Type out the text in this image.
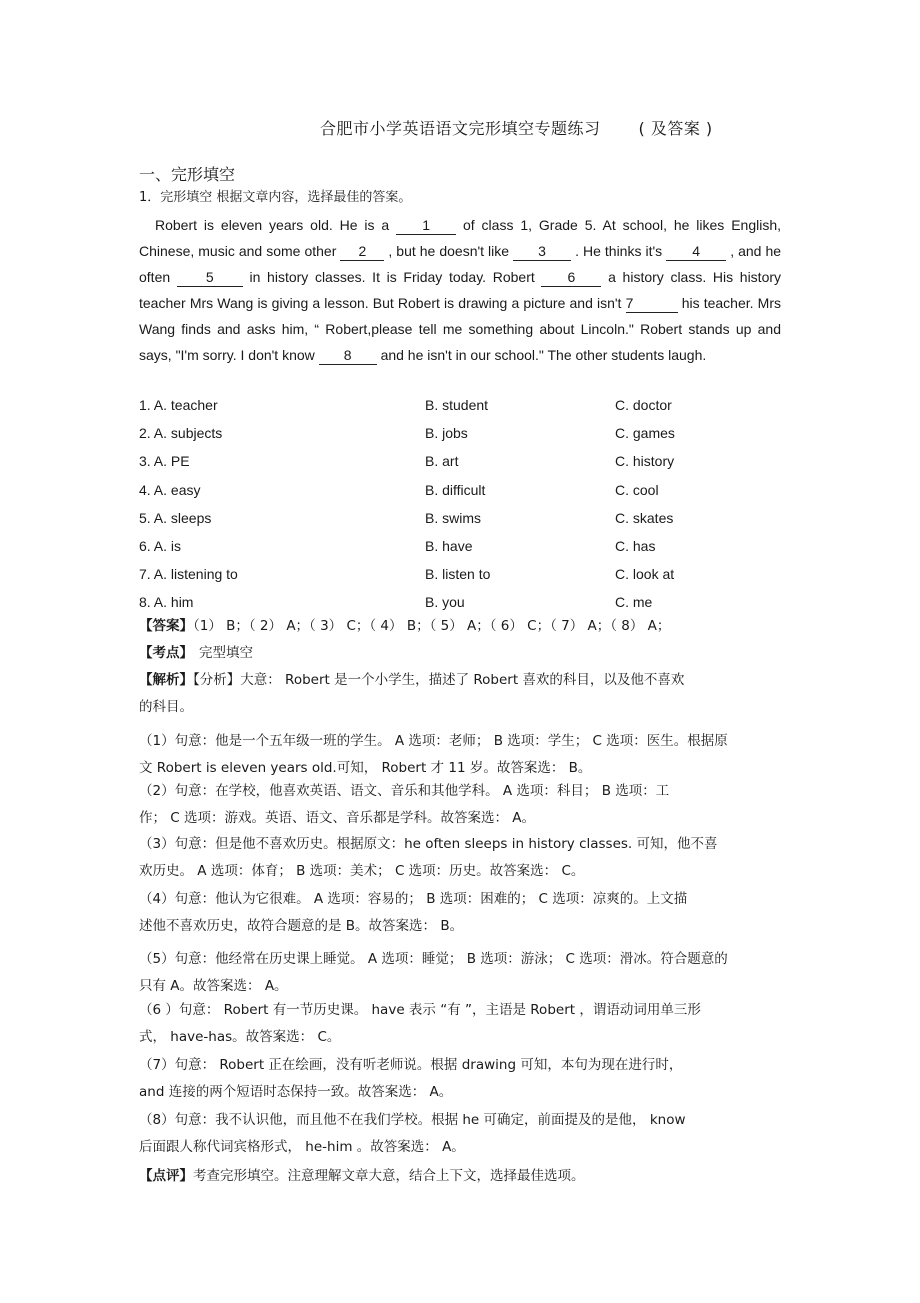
合肥市小学英语语文完形填空专题练习 ( 及答案 )
一、完形填空
1．完形填空 根据文章内容，选择最佳的答案。
Robert is eleven years old. He is a 1 of class 1, Grade 5. At school, he likes English, Chinese, music and some other 2 , but he doesn't like 3 . He thinks it's 4 , and he often 5	in history classes. It is Friday today. Robert 6 a history class. His history teacher Mrs Wang is giving a lesson. But Robert is drawing a picture and isn't 7	his teacher. Mrs Wang finds and asks him, “ Robert,please tell me something about Lincoln." Robert stands up and says, "I'm sorry. I don't know 8 and he isn't in our school." The other students laugh.
1. A. teacher	B. student	C. doctor
2. A. subjects	B. jobs	C. games
3. A. PE	B. art	C. history
4. A. easy	B. difficult	C. cool
5. A. sleeps	B. swims	C. skates
6. A. is	B. have	C. has
7. A. listening to	B. listen to	C. look at
8. A. him	B. you	C. me
【答案】（1） B；（ 2） A；（ 3） C；（ 4） B；（ 5） A；（ 6） C；（ 7） A；（ 8） A；
【考点】 完型填空
【解析】【分析】大意： Robert 是一个小学生，描述了 Robert 喜欢的科目，以及他不喜欢
的科目。
（1）句意：他是一个五年级一班的学生。 A 选项：老师； B 选项：学生； C 选项：医生。根据原
文 Robert is eleven years old.可知， Robert 才 11 岁。故答案选： B。
（2）句意：在学校，他喜欢英语、语文、音乐和其他学科。 A 选项：科目； B 选项：工
作； C 选项：游戏。英语、语文、音乐都是学科。故答案选： A。
（3）句意：但是他不喜欢历史。根据原文：he often sleeps in history classes. 可知，他不喜
欢历史。 A 选项：体育； B 选项：美术； C 选项：历史。故答案选： C。
（4）句意：他认为它很难。 A 选项：容易的； B 选项：困难的； C 选项：凉爽的。上文描
述他不喜欢历史，故符合题意的是 B。故答案选： B。
（5）句意：他经常在历史课上睡觉。 A 选项：睡觉； B 选项：游泳； C 选项：滑冰。符合题意的
只有 A。故答案选： A。
（6 ）句意： Robert 有一节历史课。 have 表示 “有 ”，主语是 Robert ，谓语动词用单三形
式， have-has。故答案选： C。
（7）句意： Robert 正在绘画，没有听老师说。根据 drawing 可知，本句为现在进行时，
and 连接的两个短语时态保持一致。故答案选： A。
（8）句意：我不认识他，而且他不在我们学校。根据 he 可确定，前面提及的是他， know
后面跟人称代词宾格形式， he-him 。故答案选： A。
【点评】考查完形填空。注意理解文章大意，结合上下文，选择最佳选项。
